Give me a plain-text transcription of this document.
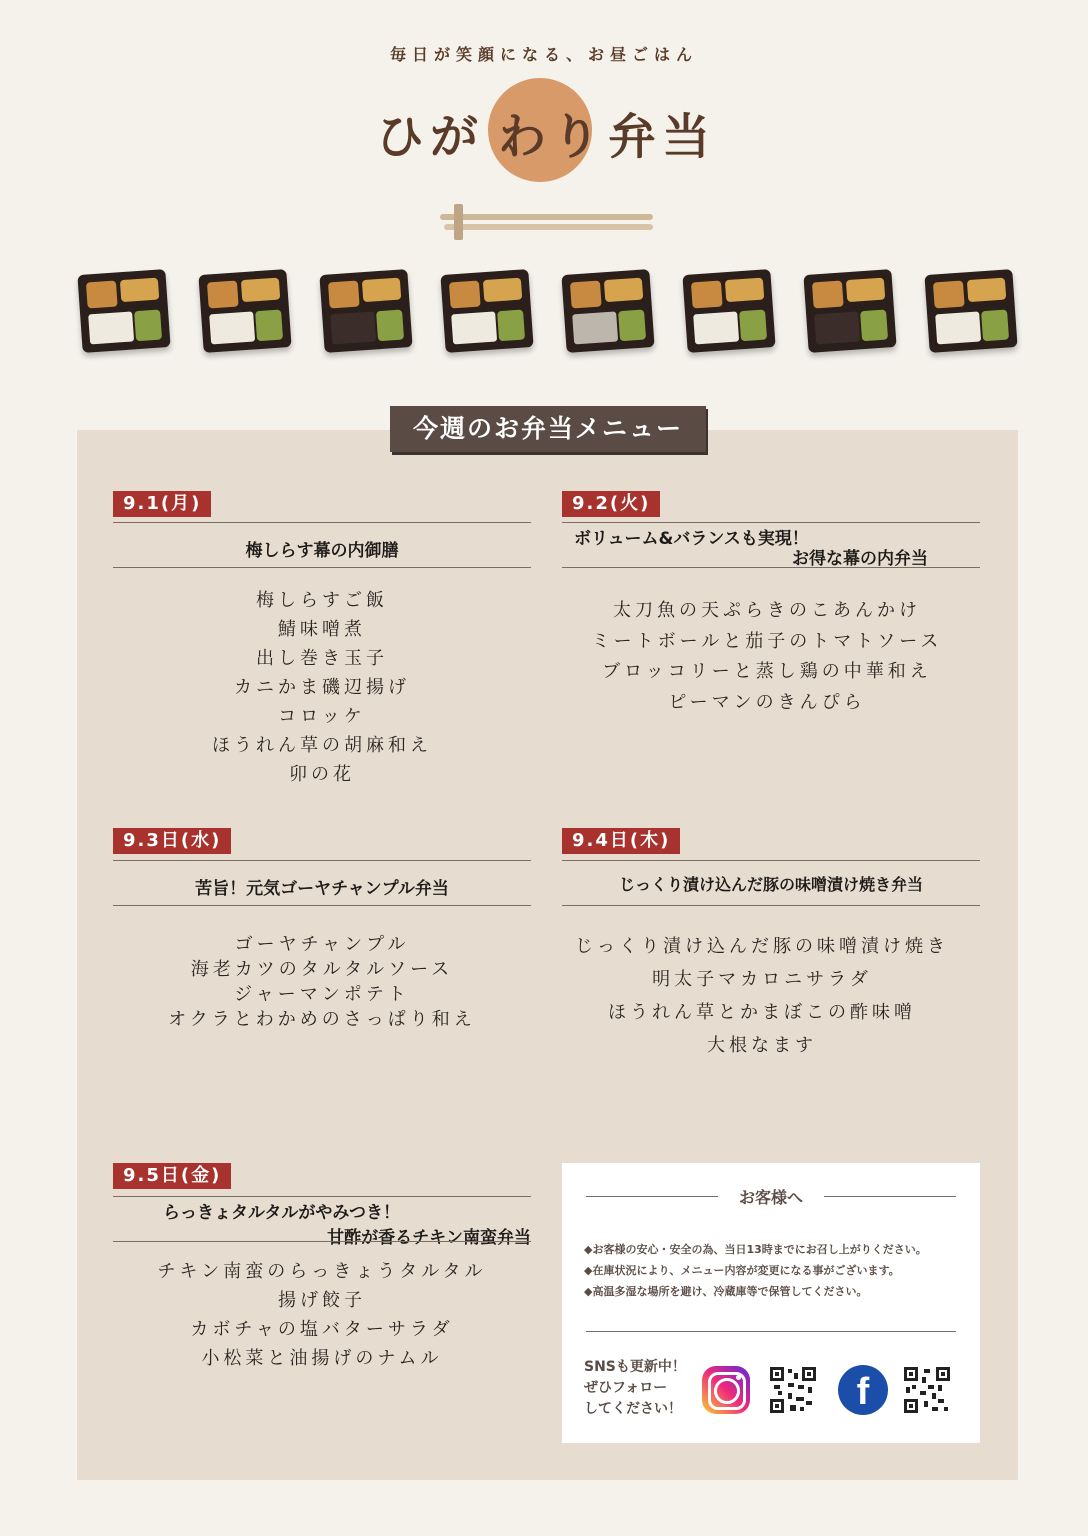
毎日が笑顔になる、お昼ごはん
ひが わり 弁当
今週のお弁当メニュー
9.1(月)
梅しらす幕の内御膳
梅しらすご飯
鯖味噌煮
出し巻き玉子
カニかま磯辺揚げ
コロッケ
ほうれん草の胡麻和え
卯の花
9.2(火)
ボリューム&バランスも実現！
お得な幕の内弁当
太刀魚の天ぷらきのこあんかけ
ミートボールと茄子のトマトソース
ブロッコリーと蒸し鶏の中華和え
ピーマンのきんぴら
9.3日(水)
苦旨！元気ゴーヤチャンプル弁当
ゴーヤチャンプル
海老カツのタルタルソース
ジャーマンポテト
オクラとわかめのさっぱり和え
9.4日(木)
じっくり漬け込んだ豚の味噌漬け焼き弁当
じっくり漬け込んだ豚の味噌漬け焼き
明太子マカロニサラダ
ほうれん草とかまぼこの酢味噌
大根なます
9.5日(金)
らっきょタルタルがやみつき！
甘酢が香るチキン南蛮弁当
チキン南蛮のらっきょうタルタル
揚げ餃子
カボチャの塩バターサラダ
小松菜と油揚げのナムル
お客様へ
◆お客様の安心・安全の為、当日13時までにお召し上がりください。
◆在庫状況により、メニュー内容が変更になる事がございます。
◆高温多湿な場所を避け、冷蔵庫等で保管してください。
SNSも更新中！
ぜひフォロー
してください！	f
